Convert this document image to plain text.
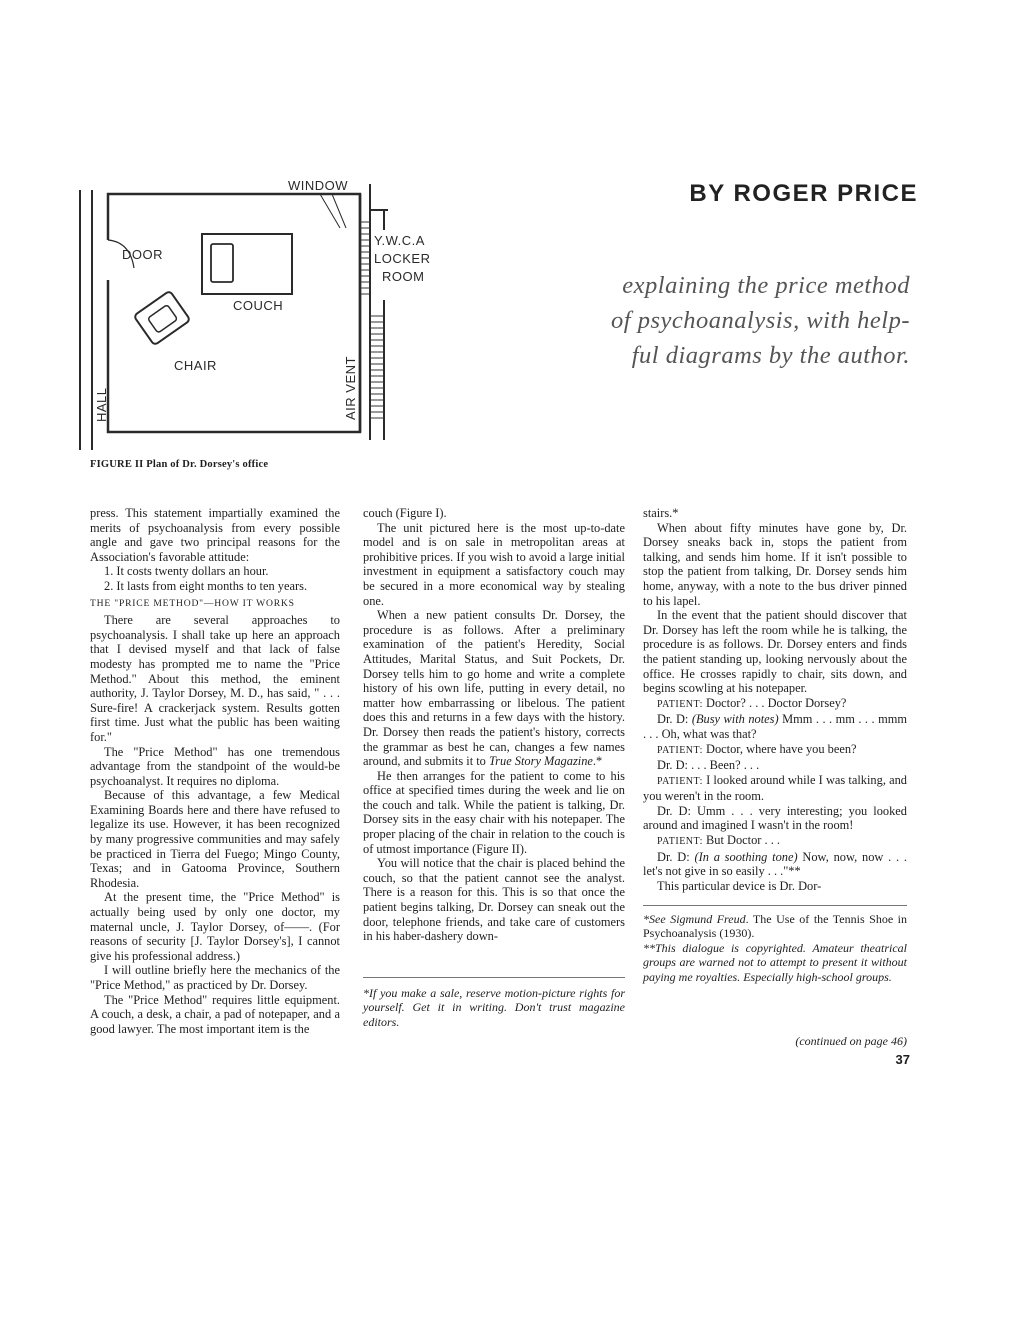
WINDOW
DOOR
COUCH
CHAIR
Y.W.C.A
LOCKER
ROOM
HALL	AIR VENT
FIGURE II Plan of Dr. Dorsey's office
BY ROGER PRICE
explaining the price method
of psychoanalysis, with help-
ful diagrams by the author.

press. This statement impartially examined the merits of psychoanalysis from every possible angle and gave two principal reasons for the Association's favorable attitude:

1. It costs twenty dollars an hour.

2. It lasts from eight months to ten years.

THE "PRICE METHOD"—HOW IT WORKS

There are several approaches to psychoanalysis. I shall take up here an approach that I devised myself and that lack of false modesty has prompted me to name the "Price Method." About this method, the eminent authority, J. Taylor Dorsey, M. D., has said, " . . . Sure-fire! A crackerjack system. Results gotten first time. Just what the public has been waiting for."

The "Price Method" has one tremendous advantage from the standpoint of the would-be psychoanalyst. It requires no diploma.

Because of this advantage, a few Medical Examining Boards here and there have refused to legalize its use. However, it has been recognized by many progressive communities and may safely be practiced in Tierra del Fuego; Mingo County, Texas; and in Gatooma Province, Southern Rhodesia.

At the present time, the "Price Method" is actually being used by only one doctor, my maternal uncle, J. Taylor Dorsey, of——. (For reasons of security [J. Taylor Dorsey's], I cannot give his professional address.)

I will outline briefly here the mechanics of the "Price Method," as practiced by Dr. Dorsey.

The "Price Method" requires little equipment. A couch, a desk, a chair, a pad of notepaper, and a good lawyer. The most important item is the

couch (Figure I).

The unit pictured here is the most up-to-date model and is on sale in metropolitan areas at prohibitive prices. If you wish to avoid a large initial investment in equipment a satisfactory couch may be secured in a more economical way by stealing one.

When a new patient consults Dr. Dorsey, the procedure is as follows. After a preliminary examination of the patient's Heredity, Social Attitudes, Marital Status, and Suit Pockets, Dr. Dorsey tells him to go home and write a complete history of his own life, putting in every detail, no matter how embarrassing or libelous. The patient does this and returns in a few days with the history. Dr. Dorsey then reads the patient's history, corrects the grammar as best he can, changes a few names around, and submits it to True Story Magazine.*

He then arranges for the patient to come to his office at specified times during the week and lie on the couch and talk. While the patient is talking, Dr. Dorsey sits in the easy chair with his notepaper. The proper placing of the chair in relation to the couch is of utmost importance (Figure II).

You will notice that the chair is placed behind the couch, so that the patient cannot see the analyst. There is a reason for this. This is so that once the patient begins talking, Dr. Dorsey can sneak out the door, telephone friends, and take care of customers in his haber-dashery down-

*If you make a sale, reserve motion-picture rights for yourself. Get it in writing. Don't trust magazine editors.

stairs.*

When about fifty minutes have gone by, Dr. Dorsey sneaks back in, stops the patient from talking, and sends him home. If it isn't possible to stop the patient from talking, Dr. Dorsey sends him home, anyway, with a note to the bus driver pinned to his lapel.

In the event that the patient should discover that Dr. Dorsey has left the room while he is talking, the procedure is as follows. Dr. Dorsey enters and finds the patient standing up, looking nervously about the office. He crosses rapidly to chair, sits down, and begins scowling at his notepaper.

PATIENT: Doctor? . . . Doctor Dorsey?

Dr. D: (Busy with notes) Mmm . . . mm . . . mmm . . . Oh, what was that?

PATIENT: Doctor, where have you been?

Dr. D: . . . Been? . . .

PATIENT: I looked around while I was talking, and you weren't in the room.

Dr. D: Umm . . . very interesting; you looked around and imagined I wasn't in the room!

PATIENT: But Doctor . . .

Dr. D: (In a soothing tone) Now, now, now . . . let's not give in so easily . . ."**

This particular device is Dr. Dor-

*See Sigmund Freud. The Use of the Tennis Shoe in Psychoanalysis (1930).
**This dialogue is copyrighted. Amateur theatrical groups are warned not to attempt to present it without paying me royalties. Especially high-school groups.
(continued on page 46)
37
